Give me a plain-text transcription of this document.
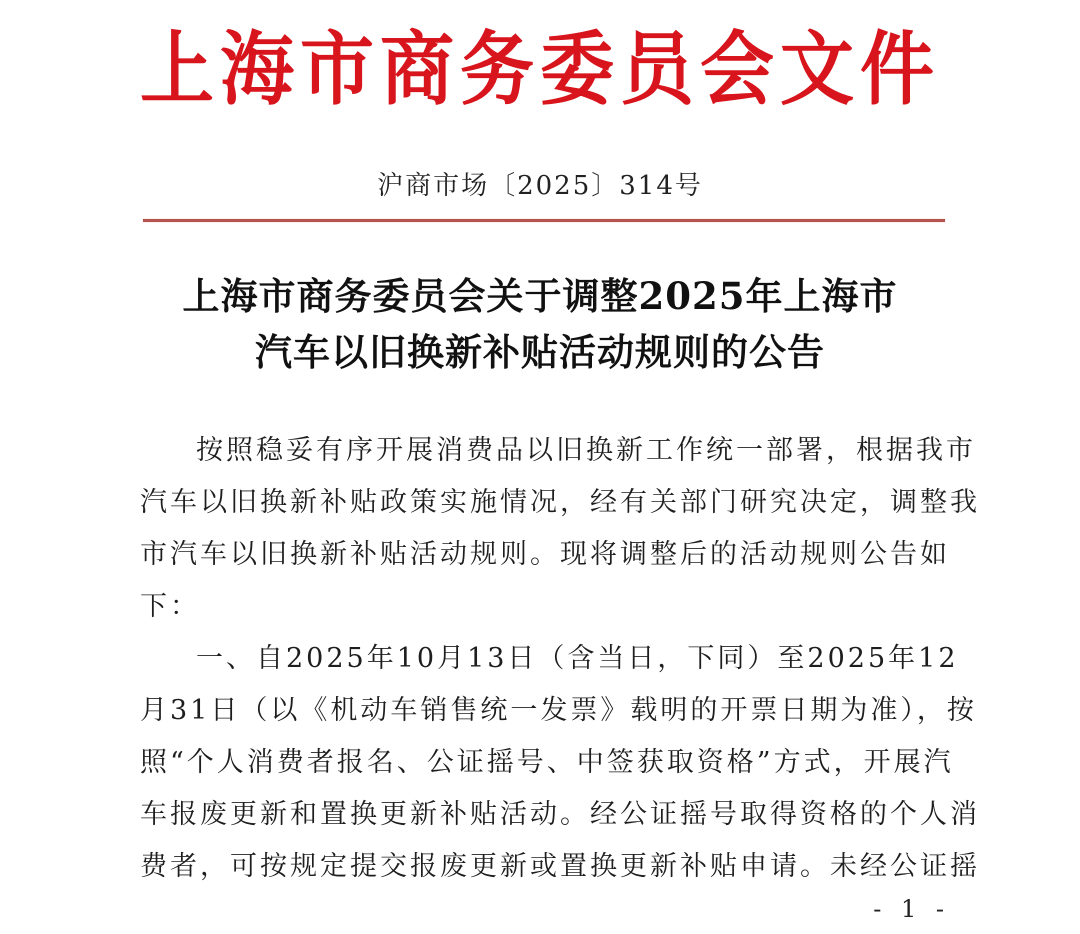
上海市商务委员会文件
沪商市场〔2025〕314号
上海市商务委员会关于调整2025年上海市
汽车以旧换新补贴活动规则的公告
按照稳妥有序开展消费品以旧换新工作统一部署，根据我市
汽车以旧换新补贴政策实施情况，经有关部门研究决定，调整我
市汽车以旧换新补贴活动规则。现将调整后的活动规则公告如
下：
一、自2025年10月13日（含当日，下同）至2025年12
月31日（以《机动车销售统一发票》载明的开票日期为准），按
照“个人消费者报名、公证摇号、中签获取资格”方式，开展汽
车报废更新和置换更新补贴活动。经公证摇号取得资格的个人消
费者，可按规定提交报废更新或置换更新补贴申请。未经公证摇
- 1 -
